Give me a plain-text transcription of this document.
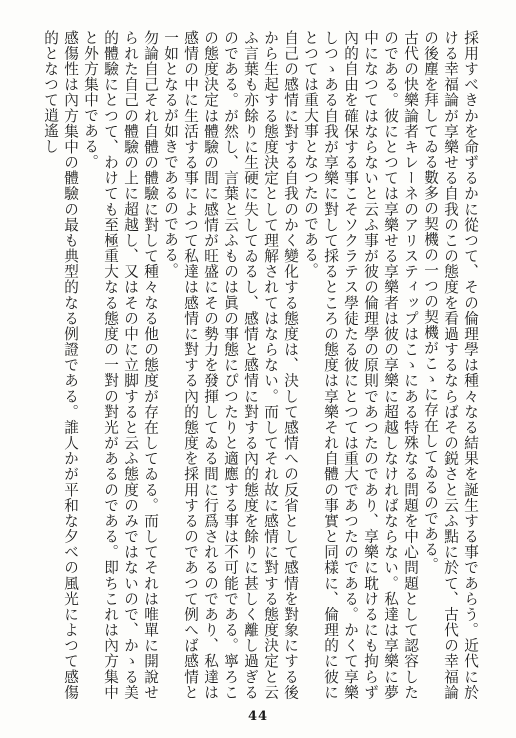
採用すべきかを命ずるかに從つて、その倫理學は種々なる結果を誕生する事であらう。近代に於ける幸福論が享樂せる自我のこの態度を看過するならばその鋭さと云ふ點に於て、古代の幸福論の後塵を拜してゐる數多の契機の一つの契機がこゝに存在してゐるのである。

古代の快樂論者キレーネのアリスティップはこゝにある特殊なる問題を中心問題として認容したのである。彼にとつては享樂せる享樂者は彼の享樂に超越しなければならない。私達は享樂に夢中になつてはならないと云ふ事が彼の倫理學の原則であつたのであり、享樂に耽けるにも拘らず內的自由を確保する事こそソクラテス學徒たる彼にとつては重大であつたのである。かくて享樂しつゝある自我が享樂に對して採るところの態度は享樂それ自體の事實と同樣に、倫理的に彼にとつては重大事となつたのである。

自己の感情に對する自我のかく變化する態度は、決して感情への反省として感情を對象にする後から生起する態度決定として理解されてはならない。而してそれ故に感情に對する態度決定と云ふ言葉も亦餘りに生硬に失してゐるし、感情と感情に對する內的態度を餘りに甚しく離し過ぎるのである。が然し、言葉と云ふものは眞の事態にぴつたりと適應する事は不可能である。寧ろこの態度決定は體驗の間に感情が旺盛にその勢力を發揮してゐる間に行爲されるのであり、私達は感情の中に生活する事によつて私達は感情に對する內的態度を採用するのであつて例へば感情と一如となるが如きであるのである。

勿論自己それ自體の體驗に對して種々なる他の態度が存在してゐる。而してそれは唯單に開說せられた自己の體驗の上に超越し、又はその中に立脚すると云ふ態度のみではないので、かゝる美的體驗にとつて、わけても至極重大なる態度の一對の對光があるのである。即ちこれは內方集中と外方集中である。

感傷性は內方集中の體驗の最も典型的なる例證である。誰人かが平和な夕べの風光によつて感傷的となつて逍遙し

44
